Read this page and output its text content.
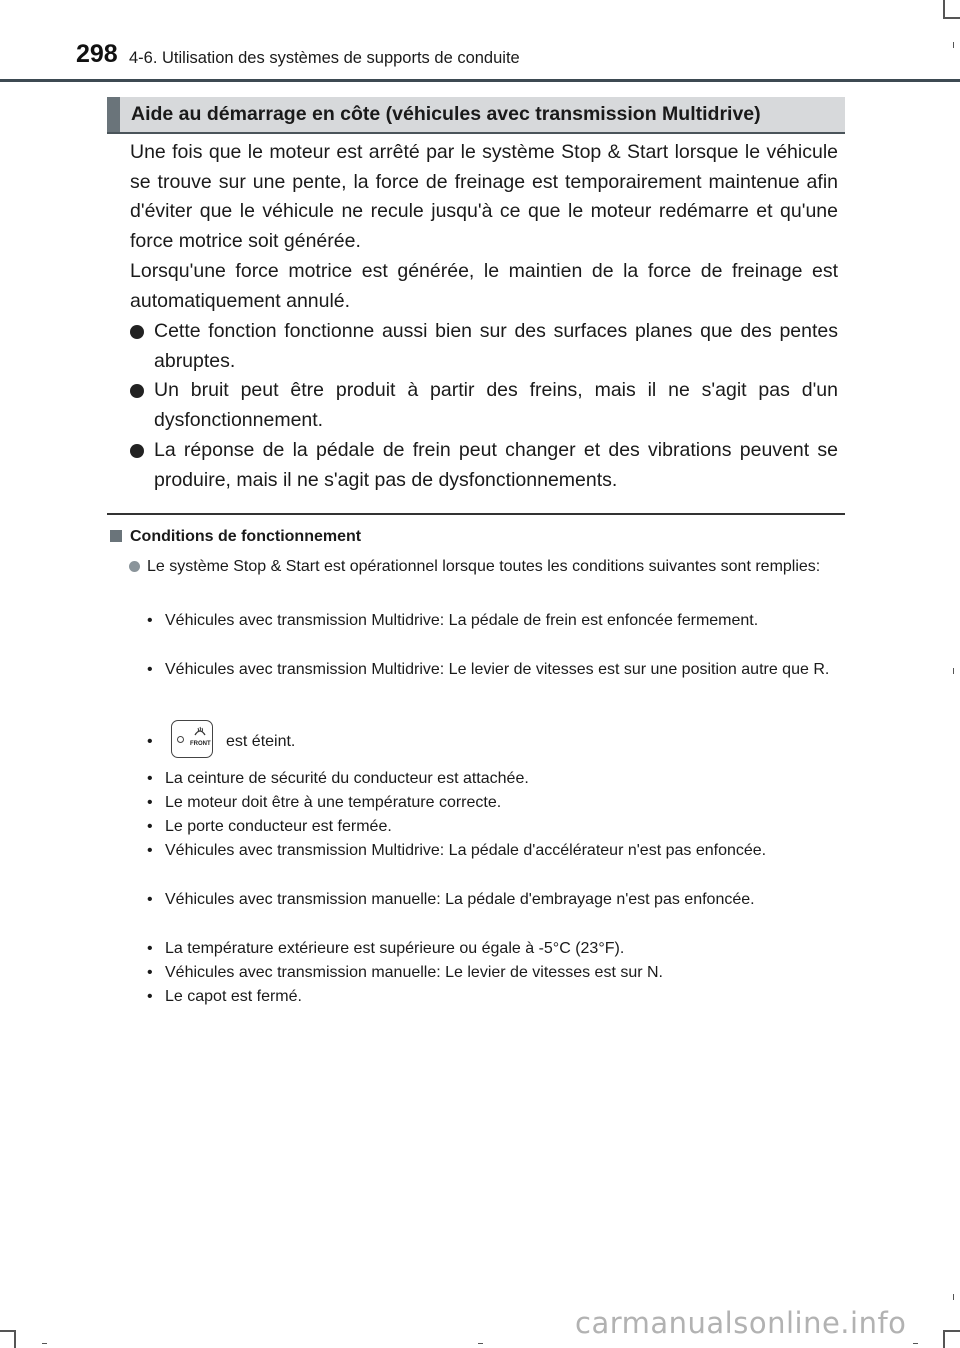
298 4-6. Utilisation des systèmes de supports de conduite
Aide au démarrage en côte (véhicules avec transmission Multidrive)

Une fois que le moteur est arrêté par le système Stop & Start lorsque le véhicule se trouve sur une pente, la force de freinage est temporairement maintenue afin d'éviter que le véhicule ne recule jusqu'à ce que le moteur redémarre et qu'une force motrice soit générée.

Lorsqu'une force motrice est générée, le maintien de la force de freinage est automatiquement annulé.

Cette fonction fonctionne aussi bien sur des surfaces planes que des pentes abruptes.
Un bruit peut être produit à partir des freins, mais il ne s'agit pas d'un dysfonctionnement.
La réponse de la pédale de frein peut changer et des vibrations peuvent se produire, mais il ne s'agit pas de dysfonctionnements.
Conditions de fonctionnement
Le système Stop & Start est opérationnel lorsque toutes les conditions suivantes sont remplies:
• Véhicules avec transmission Multidrive: La pédale de frein est enfoncée fermement.
• Véhicules avec transmission Multidrive: Le levier de vitesses est sur une position autre que R.
•	est éteint.
FRONT
• La ceinture de sécurité du conducteur est attachée.
• Le moteur doit être à une température correcte.
• Le porte conducteur est fermée.
• Véhicules avec transmission Multidrive: La pédale d'accélérateur n'est pas enfoncée.
• Véhicules avec transmission manuelle: La pédale d'embrayage n'est pas enfoncée.
• La température extérieure est supérieure ou égale à -5°C (23°F).
• Véhicules avec transmission manuelle: Le levier de vitesses est sur N.
• Le capot est fermé.
carmanualsonline.info
